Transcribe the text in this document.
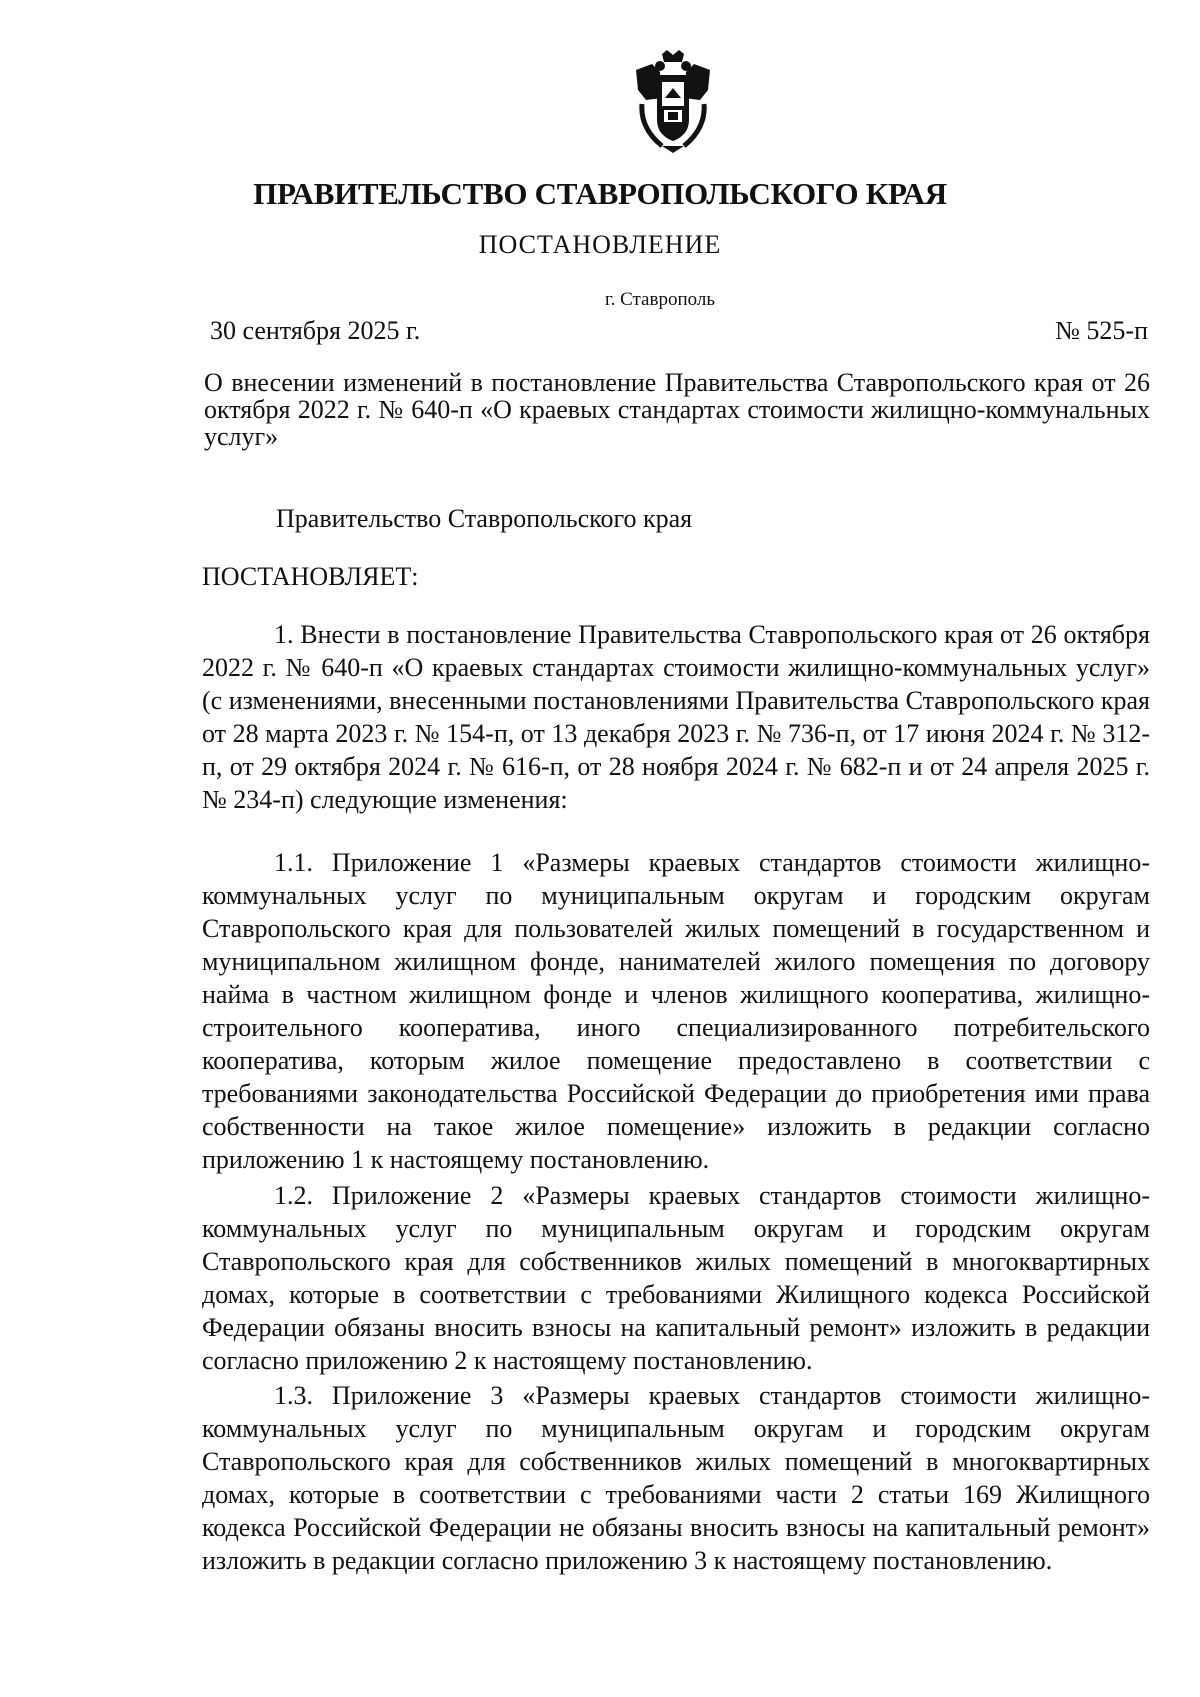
ПРАВИТЕЛЬСТВО СТАВРОПОЛЬСКОГО КРАЯ
ПОСТАНОВЛЕНИЕ
г. Ставрополь
30 сентября 2025 г.	№ 525-п
О внесении изменений в постановление Правительства Ставропольского края от 26 октября 2022 г. № 640-п «О краевых стандартах стоимости жилищно-коммунальных услуг»
Правительство Ставропольского края
ПОСТАНОВЛЯЕТ:

1. Внести в постановление Правительства Ставропольского края от 26 октября 2022 г. № 640-п «О краевых стандартах стоимости жилищно-коммунальных услуг» (с изменениями, внесенными постановлениями Правительства Ставропольского края от 28 марта 2023 г. № 154-п, от 13 декабря 2023 г. № 736-п, от 17 июня 2024 г. № 312-п, от 29 октября 2024 г. № 616-п, от 28 ноября 2024 г. № 682-п и от 24 апреля 2025 г. № 234-п) следующие изменения:

1.1. Приложение 1 «Размеры краевых стандартов стоимости жилищно-коммунальных услуг по муниципальным округам и городским округам Ставропольского края для пользователей жилых помещений в государственном и муниципальном жилищном фонде, нанимателей жилого помещения по договору найма в частном жилищном фонде и членов жилищного кооператива, жилищно-строительного кооператива, иного специализированного потребительского кооператива, которым жилое помещение предоставлено в соответствии с требованиями законодательства Российской Федерации до приобретения ими права собственности на такое жилое помещение» изложить в редакции согласно приложению 1 к настоящему постановлению.

1.2. Приложение 2 «Размеры краевых стандартов стоимости жилищно-коммунальных услуг по муниципальным округам и городским округам Ставропольского края для собственников жилых помещений в многоквартирных домах, которые в соответствии с требованиями Жилищного кодекса Российской Федерации обязаны вносить взносы на капитальный ремонт» изложить в редакции согласно приложению 2 к настоящему постановлению.

1.3. Приложение 3 «Размеры краевых стандартов стоимости жилищно-коммунальных услуг по муниципальным округам и городским округам Ставропольского края для собственников жилых помещений в многоквартирных домах, которые в соответствии с требованиями части 2 статьи 169 Жилищного кодекса Российской Федерации не обязаны вносить взносы на капитальный ремонт» изложить в редакции согласно приложению 3 к настоящему постановлению.
